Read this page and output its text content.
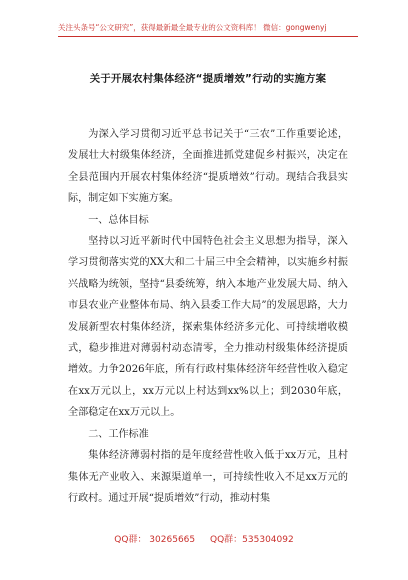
关注头条号“公文研究”，获得最新最全最专业的公文资料库！ 微信：gongwenyj
关于开展农村集体经济“提质增效”行动的实施方案

为深入学习贯彻习近平总书记关于“三农”工作重要论述，发展壮大村级集体经济，全面推进抓党建促乡村振兴，决定在全县范围内开展农村集体经济“提质增效”行动。现结合我县实际，制定如下实施方案。

一、总体目标

坚持以习近平新时代中国特色社会主义思想为指导，深入学习贯彻落实党的XX大和二十届三中全会精神，以实施乡村振兴战略为统领，坚持“县委统筹，纳入本地产业发展大局、纳入市县农业产业整体布局、纳入县委工作大局”的发展思路，大力发展新型农村集体经济，探索集体经济多元化、可持续增收模式，稳步推进对薄弱村动态清零，全力推动村级集体经济提质增效。力争2026年底，所有行政村集体经济年经营性收入稳定在xx万元以上，xx万元以上村达到xx%以上；到2030年底，全部稳定在xx万元以上。

二、工作标准

集体经济薄弱村指的是年度经营性收入低于xx万元，且村集体无产业收入、来源渠道单一，可持续性收入不足xx万元的行政村。通过开展“提质增效”行动，推动村集

QQ群： 30265665 QQ群：535304092
